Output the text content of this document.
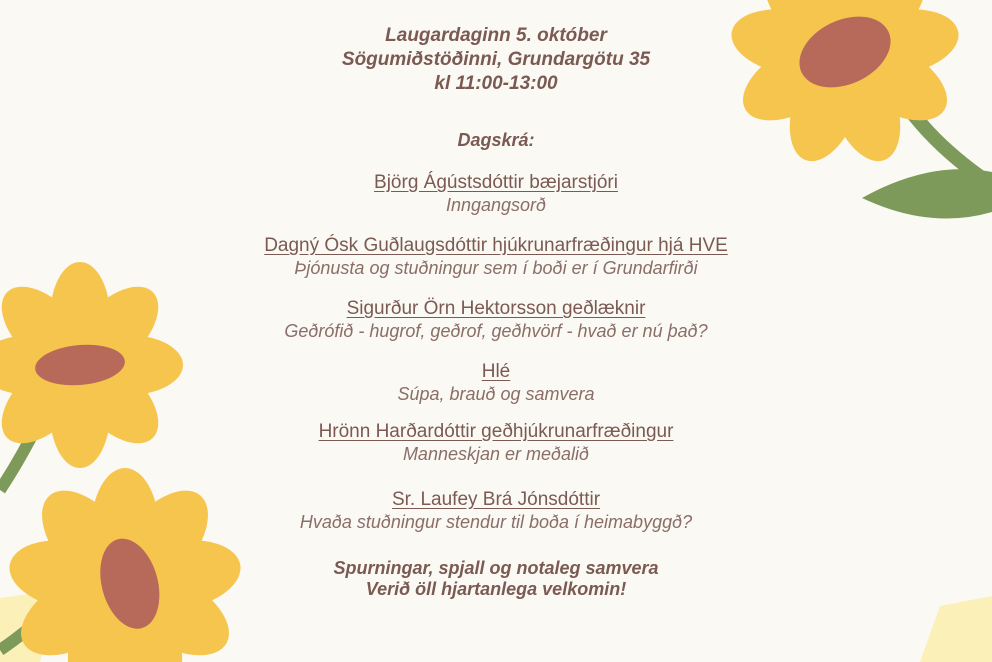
Laugardaginn 5. október
Sögumiðstöðinni, Grundargötu 35
kl 11:00-13:00
Dagskrá:
Björg Ágústsdóttir bæjarstjóri
Inngangsorð
Dagný Ósk Guðlaugsdóttir hjúkrunarfræðingur hjá HVE
Þjónusta og stuðningur sem í boði er í Grundarfirði
Sigurður Örn Hektorsson geðlæknir
Geðrófið - hugrof, geðrof, geðhvörf - hvað er nú það?
Hlé
Súpa, brauð og samvera
Hrönn Harðardóttir geðhjúkrunarfræðingur
Manneskjan er meðalið
Sr. Laufey Brá Jónsdóttir
Hvaða stuðningur stendur til boða í heimabyggð?
Spurningar, spjall og notaleg samvera
Verið öll hjartanlega velkomin!
